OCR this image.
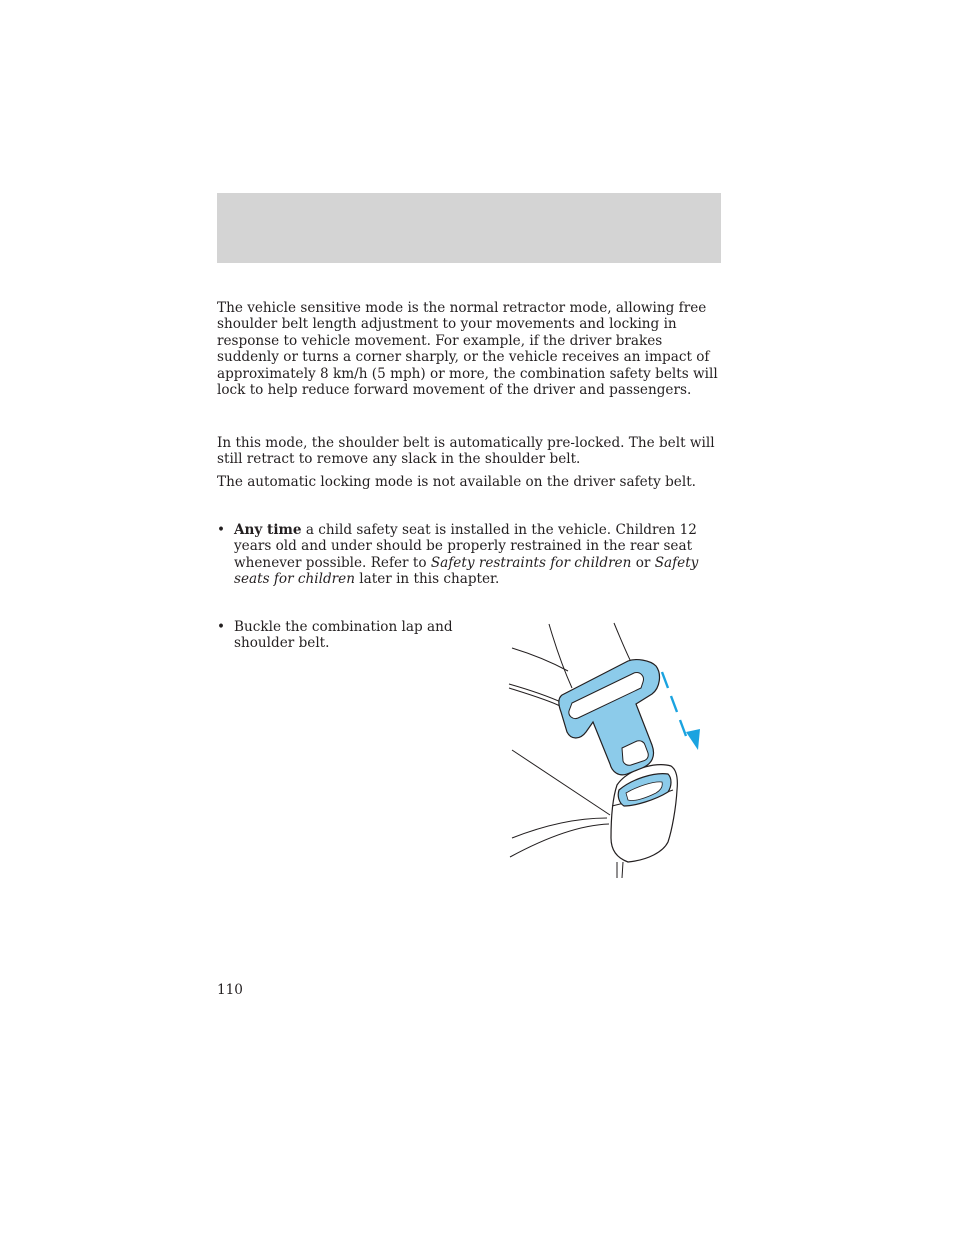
The vehicle sensitive mode is the normal retractor mode, allowing free shoulder belt length adjustment to your movements and locking in response to vehicle movement. For example, if the driver brakes suddenly or turns a corner sharply, or the vehicle receives an impact of approximately 8 km/h (5 mph) or more, the combination safety belts will lock to help reduce forward movement of the driver and passengers.

In this mode, the shoulder belt is automatically pre-locked. The belt will still retract to remove any slack in the shoulder belt.

The automatic locking mode is not available on the driver safety belt.

• Any time a child safety seat is installed in the vehicle. Children 12 years old and under should be properly restrained in the rear seat whenever possible. Refer to Safety restraints for children or Safety seats for children later in this chapter.
• Buckle the combination lap and shoulder belt.
110
